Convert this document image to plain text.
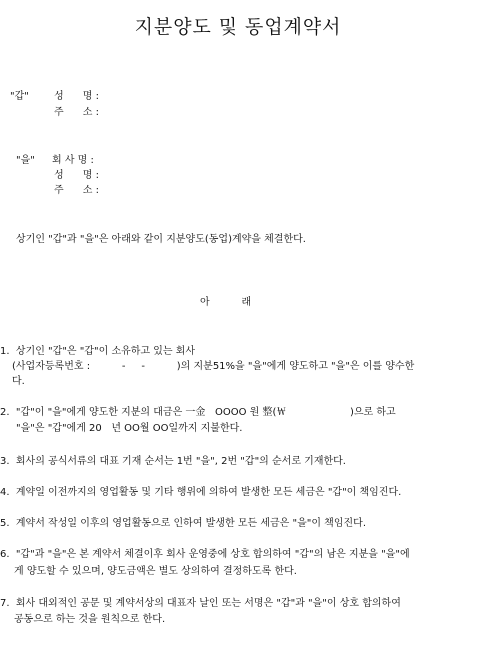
지분양도 및 동업계약서
"갑"	성      명 :
주      소 :
"을" 회 사 명 :
성      명 :
주      소 :
상기인 "갑"과 "을"은 아래와 같이 지분양도(동업)계약을 체결한다.
아          래
1.  상기인 "갑"은 "갑"이 소유하고 있는 회사
(사업자등록번호 :          -     -          )의 지분51%을 "을"에게 양도하고 "을"은 이를 양수한
다.
2.  "갑"이 "을"에게 양도한 지분의 대금은 一金   OOOO 원 整(￦                    )으로 하고
"을"은 "갑"에게 20   년 OO월 OO일까지 지불한다.
3.  회사의 공식서류의 대표 기재 순서는 1번 "을", 2번 "갑"의 순서로 기재한다.
4.  계약일 이전까지의 영업활동 및 기타 행위에 의하여 발생한 모든 세금은 "갑"이 책임진다.
5.  계약서 작성일 이후의 영업활동으로 인하여 발생한 모든 세금은 "을"이 책임진다.
6.  "갑"과 "을"은 본 계약서 체결이후 회사 운영중에 상호 합의하여 "갑"의 남은 지분을 "을"에
게 양도할 수 있으며, 양도금액은 별도 상의하여 결정하도록 한다.
7.  회사 대외적인 공문 및 계약서상의 대표자 날인 또는 서명은 "갑"과 "을"이 상호 합의하여
공동으로 하는 것을 원칙으로 한다.
